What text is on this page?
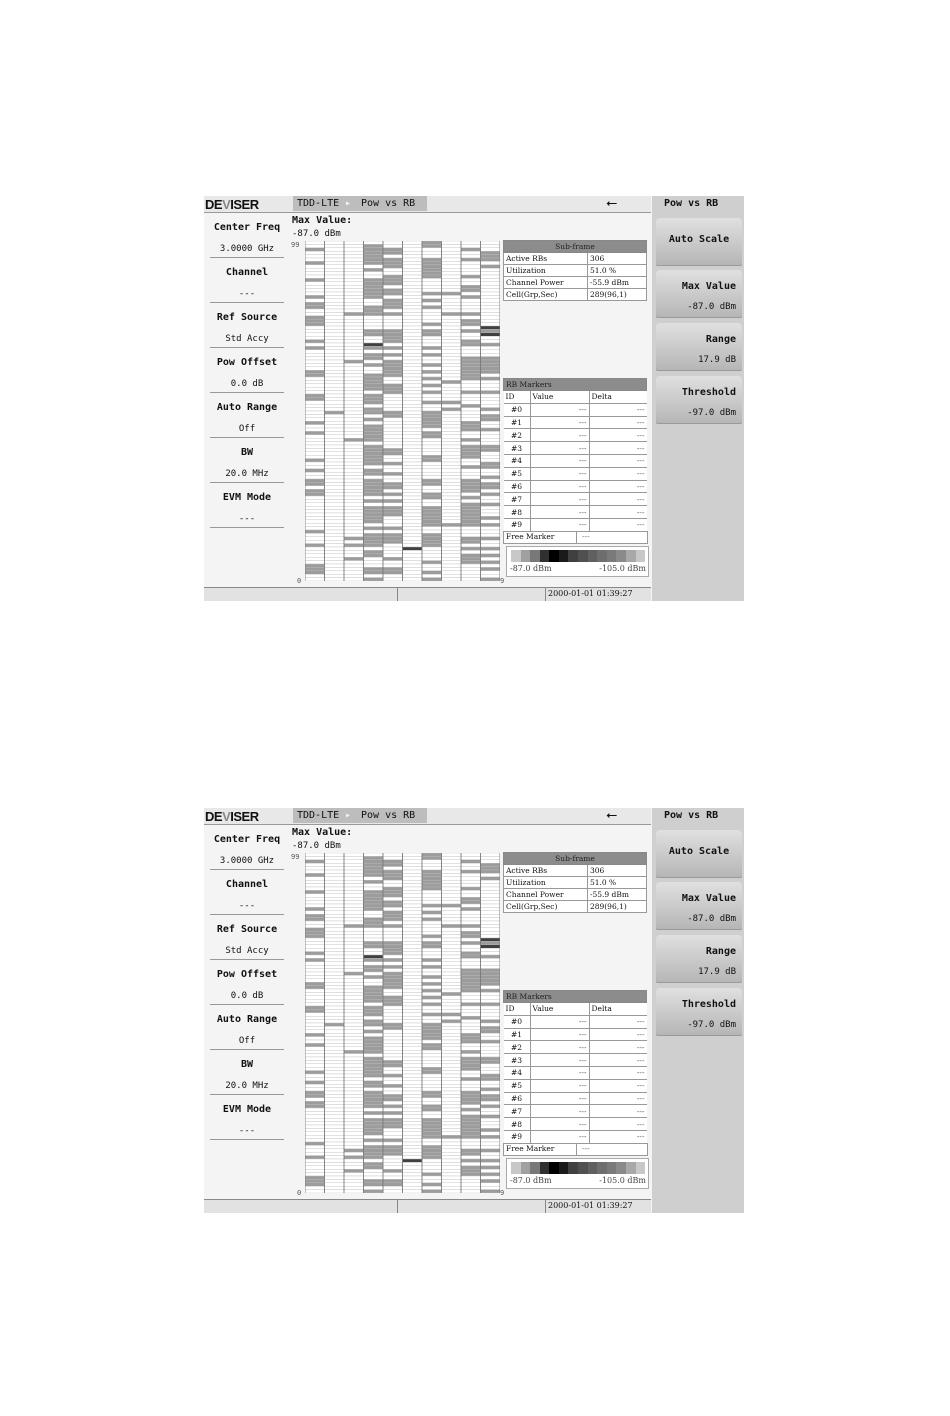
DEVISER	TDD-LTE ▸ Pow vs RB	⭠
Center Freq
3.0000 GHz
Channel
---
Ref Source
Std Accy
Pow Offset
0.0 dB
Auto Range
Off
BW
20.0 MHz
EVM Mode
---
Max Value:
-87.0 dBm
99
0	9
Sub-frame	
Active RBs	306
Utilization	51.0 %
Channel Power	-55.9 dBm
Cell(Grp,Sec)	289(96,1)
RB Markers		
ID	Value	Delta
#0	---	---
#1	---	---
#2	---	---
#3	---	---
#4	---	---
#5	---	---
#6	---	---
#7	---	---
#8	---	---
#9	---	---
Free Marker	---
-87.0 dBm	-105.0 dBm
2000-01-01 01:39:27
Pow vs RB
Auto Scale
Max Value
-87.0 dBm
Range
17.9 dB
Threshold
-97.0 dBm
DEVISER	TDD-LTE ▸ Pow vs RB	⭠
Center Freq
3.0000 GHz
Channel
---
Ref Source
Std Accy
Pow Offset
0.0 dB
Auto Range
Off
BW
20.0 MHz
EVM Mode
---
Max Value:
-87.0 dBm
99
0	9
Sub-frame	
Active RBs	306
Utilization	51.0 %
Channel Power	-55.9 dBm
Cell(Grp,Sec)	289(96,1)
RB Markers		
ID	Value	Delta
#0	---	---
#1	---	---
#2	---	---
#3	---	---
#4	---	---
#5	---	---
#6	---	---
#7	---	---
#8	---	---
#9	---	---
Free Marker	---
-87.0 dBm	-105.0 dBm
2000-01-01 01:39:27
Pow vs RB
Auto Scale
Max Value
-87.0 dBm
Range
17.9 dB
Threshold
-97.0 dBm
